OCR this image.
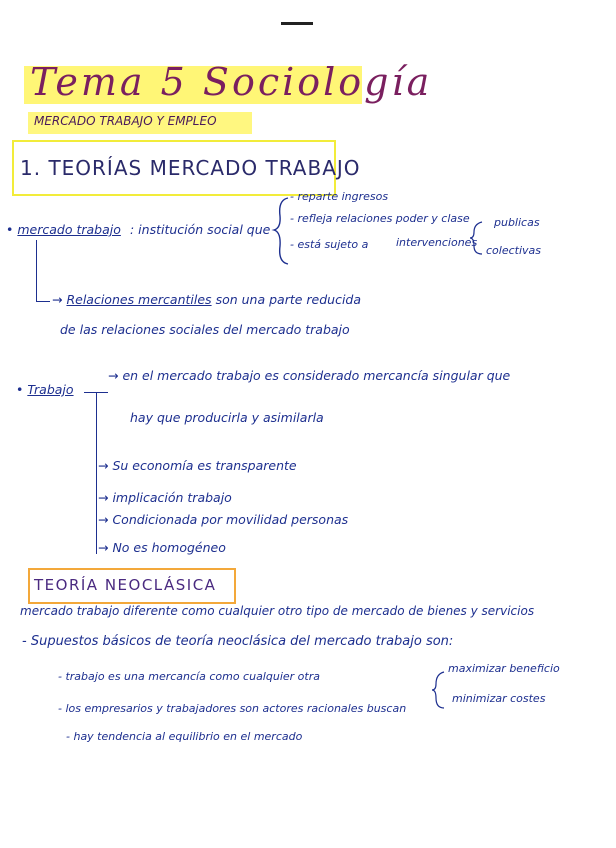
Tema 5 Sociología
MERCADO TRABAJO Y EMPLEO
1. TEORÍAS MERCADO TRABAJO
• mercado trabajo : institución social que
- reparte ingresos
- refleja relaciones poder y clase
- está sujeto a	intervenciones
publicas
colectivas
→ Relaciones mercantiles son una parte reducida
de las relaciones sociales del mercado trabajo
• Trabajo
→ en el mercado trabajo es considerado mercancía singular que
hay que producirla y asimilarla
→ Su economía es transparente
→ implicación trabajo
→ Condicionada por movilidad personas
→ No es homogéneo
TEORÍA NEOCLÁSICA
mercado trabajo diferente como cualquier otro tipo de mercado de bienes y servicios
- Supuestos básicos de teoría neoclásica del mercado trabajo son:
- trabajo es una mercancía como cualquier otra
- los empresarios y trabajadores son actores racionales buscan
maximizar beneficio
minimizar costes
- hay tendencia al equilibrio en el mercado
